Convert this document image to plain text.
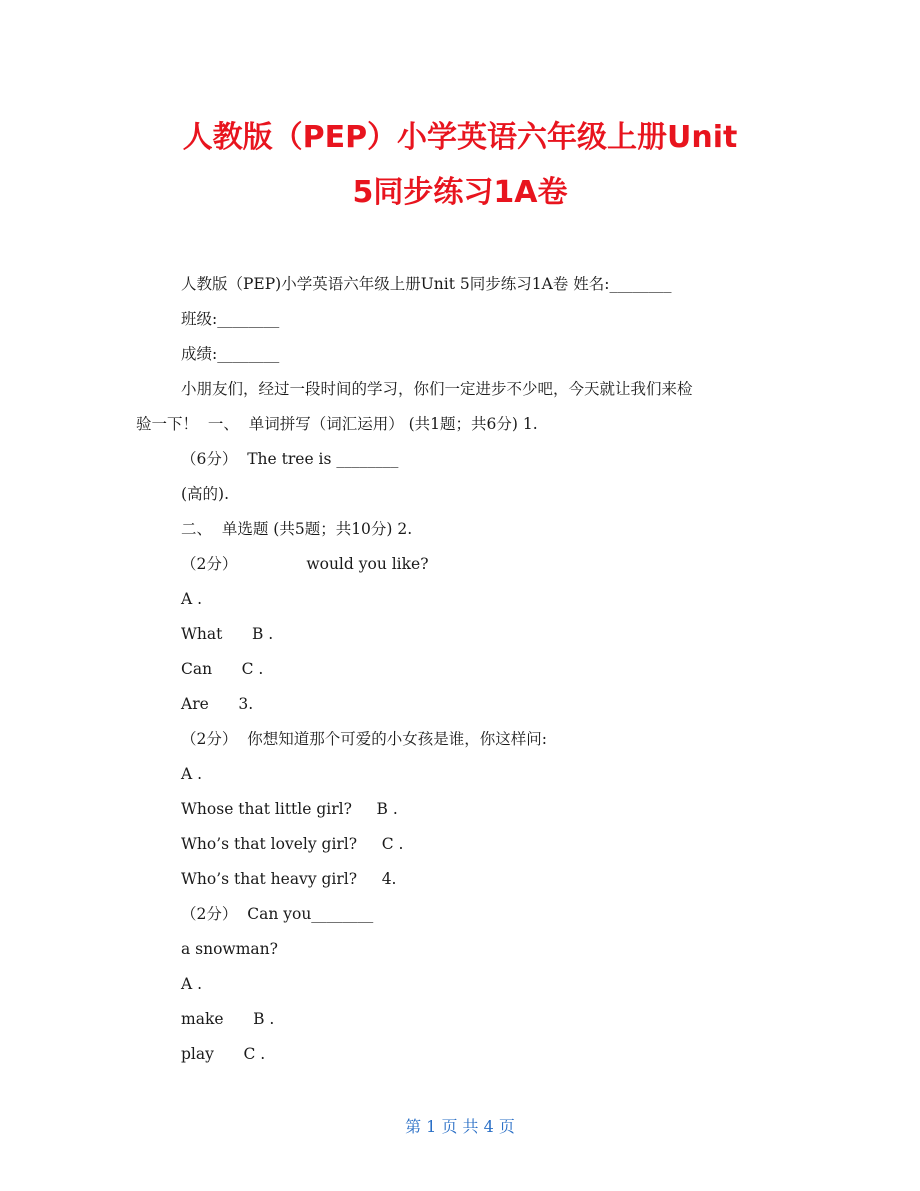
人教版（PEP）小学英语六年级上册Unit
5同步练习1A卷
人教版（PEP)小学英语六年级上册Unit 5同步练习1A卷 姓名:________
班级:________
成绩:________
小朋友们，经过一段时间的学习，你们一定进步不少吧，今天就让我们来检
验一下！  一、  单词拼写（词汇运用） (共1题；共6分) 1.
（6分）  The tree is ________
(高的).
二、  单选题 (共5题；共10分) 2.
（2分）              would you like?
A .
What      B .
Can      C .
Are      3.
（2分）  你想知道那个可爱的小女孩是谁，你这样问:
A .
Whose that little girl?     B .
Who’s that lovely girl?     C .
Who’s that heavy girl?     4.
（2分）  Can you________
a snowman?
A .
make      B .
play      C .
第 1 页 共 4 页
